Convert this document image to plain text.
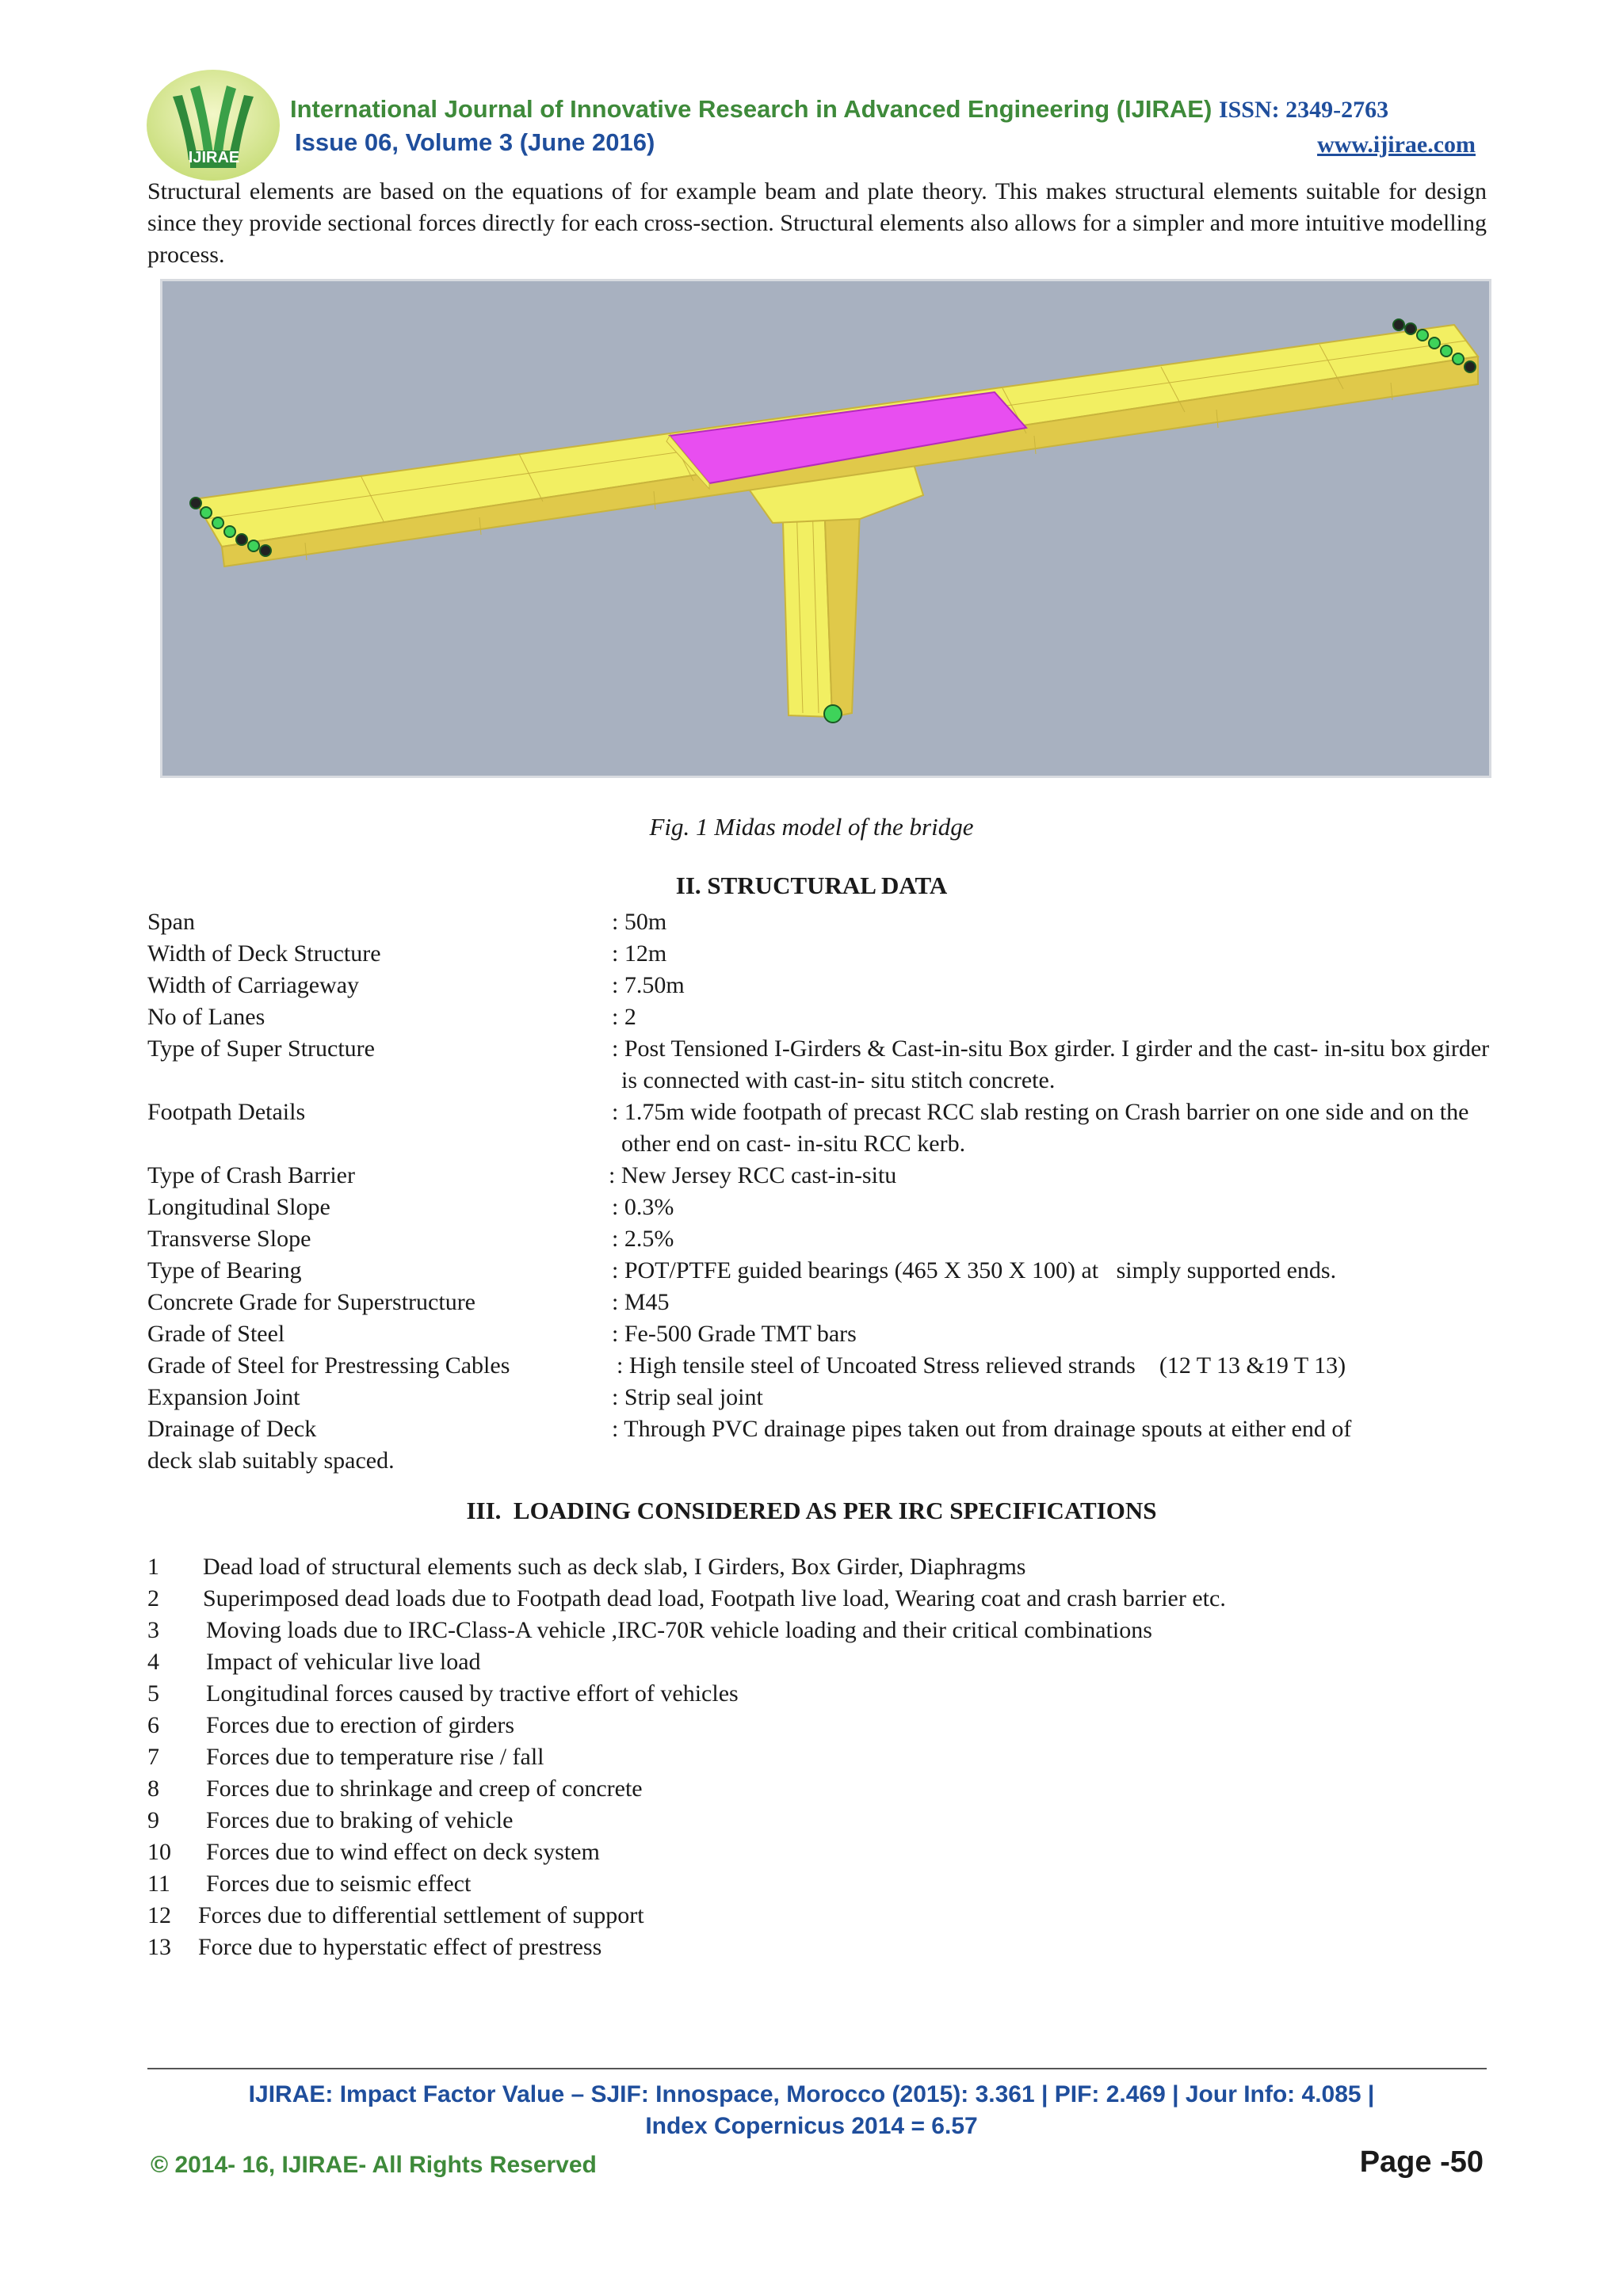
IJIRAE
International Journal of Innovative Research in Advanced Engineering (IJIRAE) ISSN: 2349-2763
Issue 06, Volume 3 (June 2016)	www.ijirae.com
Structural elements are based on the equations of for example beam and plate theory. This makes structural elements suitable for design since they provide sectional forces directly for each cross-section. Structural elements also allows for a simpler and more intuitive modelling process.
Fig. 1 Midas model of the bridge
II. STRUCTURAL DATA
Span	: 50m
Width of Deck Structure	: 12m
Width of Carriageway	: 7.50m
No of Lanes	: 2
Type of Super Structure	: Post Tensioned I-Girders & Cast-in-situ Box girder. I girder and the cast- in-situ box girder is connected with cast-in- situ stitch concrete.
Footpath Details	: 1.75m wide footpath of precast RCC slab resting on Crash barrier on one side and on the other end on cast- in-situ RCC kerb.
Type of Crash Barrier	: New Jersey RCC cast-in-situ
Longitudinal Slope	: 0.3%
Transverse Slope	: 2.5%
Type of Bearing	: POT/PTFE guided bearings (465 X 350 X 100) at   simply supported ends.
Concrete Grade for Superstructure	: M45
Grade of Steel	: Fe-500 Grade TMT bars
Grade of Steel for Prestressing Cables	: High tensile steel of Uncoated Stress relieved strands    (12 T 13 &19 T 13)
Expansion Joint	: Strip seal joint
Drainage of Deck	: Through PVC drainage pipes taken out from drainage spouts at either end of
deck slab suitably spaced.
III.  LOADING CONSIDERED AS PER IRC SPECIFICATIONS
1 Dead load of structural elements such as deck slab, I Girders, Box Girder, Diaphragms
2 Superimposed dead loads due to Footpath dead load, Footpath live load, Wearing coat and crash barrier etc.
3 Moving loads due to IRC-Class-A vehicle ,IRC-70R vehicle loading and their critical combinations
4 Impact of vehicular live load
5 Longitudinal forces caused by tractive effort of vehicles
6 Forces due to erection of girders
7 Forces due to temperature rise / fall
8 Forces due to shrinkage and creep of concrete
9 Forces due to braking of vehicle
10 Forces due to wind effect on deck system
11 Forces due to seismic effect
12 Forces due to differential settlement of support
13 Force due to hyperstatic effect of prestress
IJIRAE: Impact Factor Value – SJIF: Innospace, Morocco (2015): 3.361 | PIF: 2.469 | Jour Info: 4.085 |
Index Copernicus 2014 = 6.57
© 2014- 16, IJIRAE- All Rights Reserved	Page -50
